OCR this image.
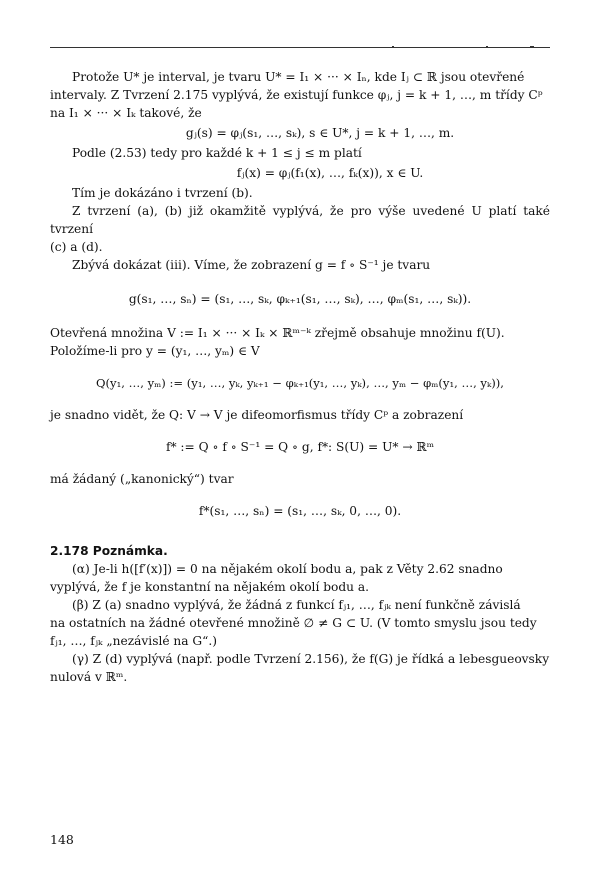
Protože U* je interval, je tvaru U* = I₁ × ··· × Iₙ, kde Iⱼ ⊂ ℝ jsou otevřené

intervaly. Z Tvrzení 2.175 vyplývá, že existují funkce φⱼ, j = k + 1, …, m třídy Cᵖ

na I₁ × ··· × Iₖ takové, že

gⱼ(s) = φⱼ(s₁, …, sₖ), s ∈ U*, j = k + 1, …, m.

Podle (2.53) tedy pro každé k + 1 ≤ j ≤ m platí

fⱼ(x) = φⱼ(f₁(x), …, fₖ(x)), x ∈ U.

Tím je dokázáno i tvrzení (b).

Z tvrzení (a), (b) již okamžitě vyplývá, že pro výše uvedené U platí také tvrzení

(c) a (d).

Zbývá dokázat (iii). Víme, že zobrazení g = f ∘ S⁻¹ je tvaru

g(s₁, …, sₙ) = (s₁, …, sₖ, φₖ₊₁(s₁, …, sₖ), …, φₘ(s₁, …, sₖ)).

Otevřená množina V := I₁ × ··· × Iₖ × ℝᵐ⁻ᵏ zřejmě obsahuje množinu f(U).

Položíme-li pro y = (y₁, …, yₘ) ∈ V

Q(y₁, …, yₘ) := (y₁, …, yₖ, yₖ₊₁ − φₖ₊₁(y₁, …, yₖ), …, yₘ − φₘ(y₁, …, yₖ)),

je snadno vidět, že Q: V → V je difeomorfismus třídy Cᵖ a zobrazení

f* := Q ∘ f ∘ S⁻¹ = Q ∘ g, f*: S(U) = U* → ℝᵐ

má žádaný („kanonický“) tvar

f*(s₁, …, sₙ) = (s₁, …, sₖ, 0, …, 0).

2.178 Poznámka.

(α) Je-li h([f′(x)]) = 0 na nějakém okolí bodu a, pak z Věty 2.62 snadno

vyplývá, že f je konstantní na nějakém okolí bodu a.

(β) Z (a) snadno vyplývá, že žádná z funkcí fⱼ₁, …, fⱼₖ není funkčně závislá

na ostatních na žádné otevřené množině ∅ ≠ G ⊂ U. (V tomto smyslu jsou tedy

fⱼ₁, …, fⱼₖ „nezávislé na G“.)

(γ) Z (d) vyplývá (např. podle Tvrzení 2.156), že f(G) je řídká a lebesgueovsky

nulová v ℝᵐ.

148
